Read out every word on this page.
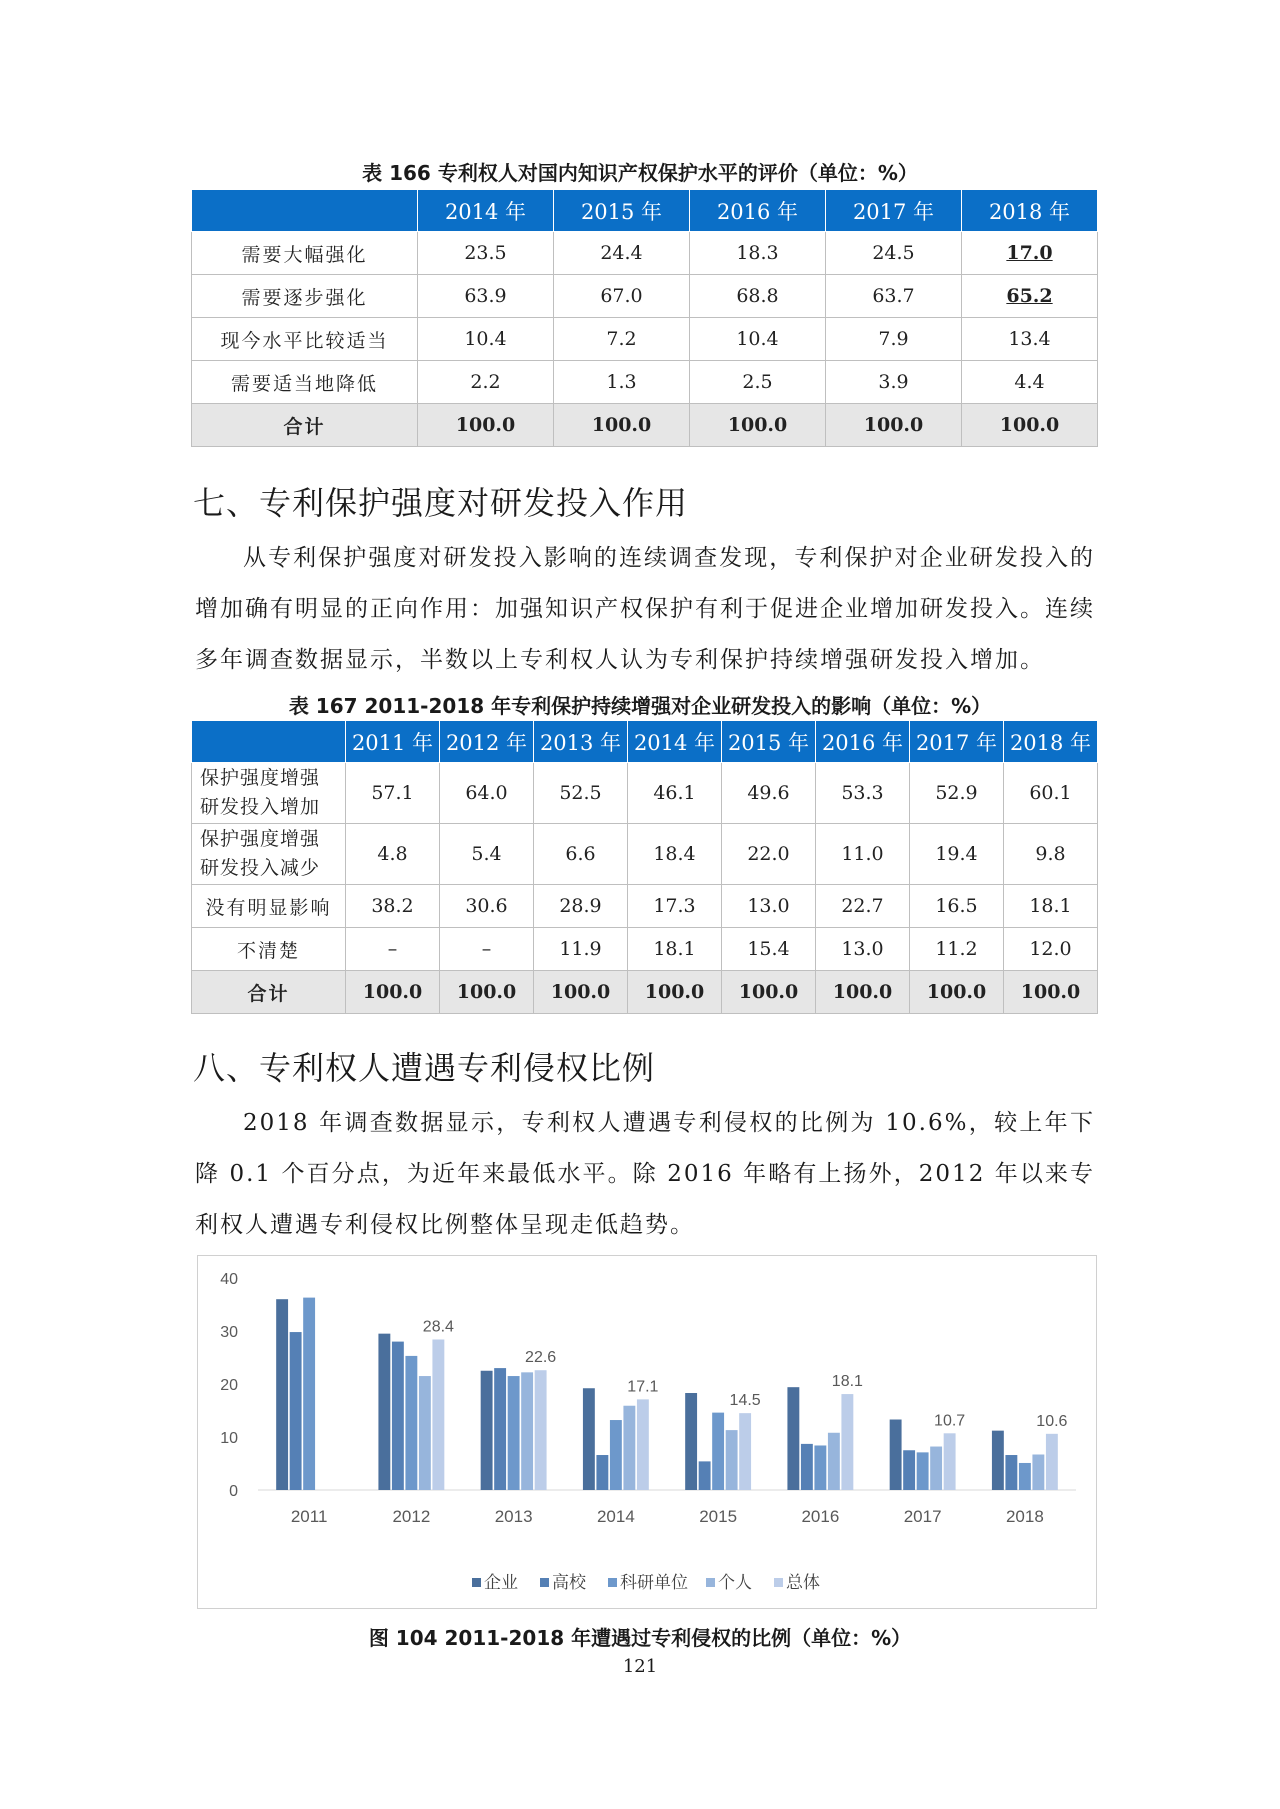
表 166 专利权人对国内知识产权保护水平的评价（单位：%）
	2014 年	2015 年	2016 年	2017 年	2018 年
需要大幅强化	23.5	24.4	18.3	24.5	17.0
需要逐步强化	63.9	67.0	68.8	63.7	65.2
现今水平比较适当	10.4	7.2	10.4	7.9	13.4
需要适当地降低	2.2	1.3	2.5	3.9	4.4
合计	100.0	100.0	100.0	100.0	100.0
七、专利保护强度对研发投入作用

从专利保护强度对研发投入影响的连续调查发现，专利保护对企业研发投入的增加确有明显的正向作用：加强知识产权保护有利于促进企业增加研发投入。连续多年调查数据显示，半数以上专利权人认为专利保护持续增强研发投入增加。

表 167 2011-2018 年专利保护持续增强对企业研发投入的影响（单位：%）
	2011 年	2012 年	2013 年	2014 年	2015 年	2016 年	2017 年	2018 年

保护强度增强
研发投入增加	57.1	64.0	52.5	46.1	49.6	53.3	52.9	60.1

保护强度增强
研发投入减少	4.8	5.4	6.6	18.4	22.0	11.0	19.4	9.8
没有明显影响	38.2	30.6	28.9	17.3	13.0	22.7	16.5	18.1
不清楚	–	–	11.9	18.1	15.4	13.0	11.2	12.0
合计	100.0	100.0	100.0	100.0	100.0	100.0	100.0	100.0
八、专利权人遭遇专利侵权比例

2018 年调查数据显示，专利权人遭遇专利侵权的比例为 10.6%，较上年下降 0.1 个百分点，为近年来最低水平。除 2016 年略有上扬外，2012 年以来专利权人遭遇专利侵权比例整体呈现走低趋势。

0
10
20
30
40
2011
28.4
2012
22.6
2013
17.1
2014
14.5
2015
18.1
2016
10.7
2017
10.6
2018
企业 高校 科研单位 个人 总体
图 104 2011-2018 年遭遇过专利侵权的比例（单位：%）
121
